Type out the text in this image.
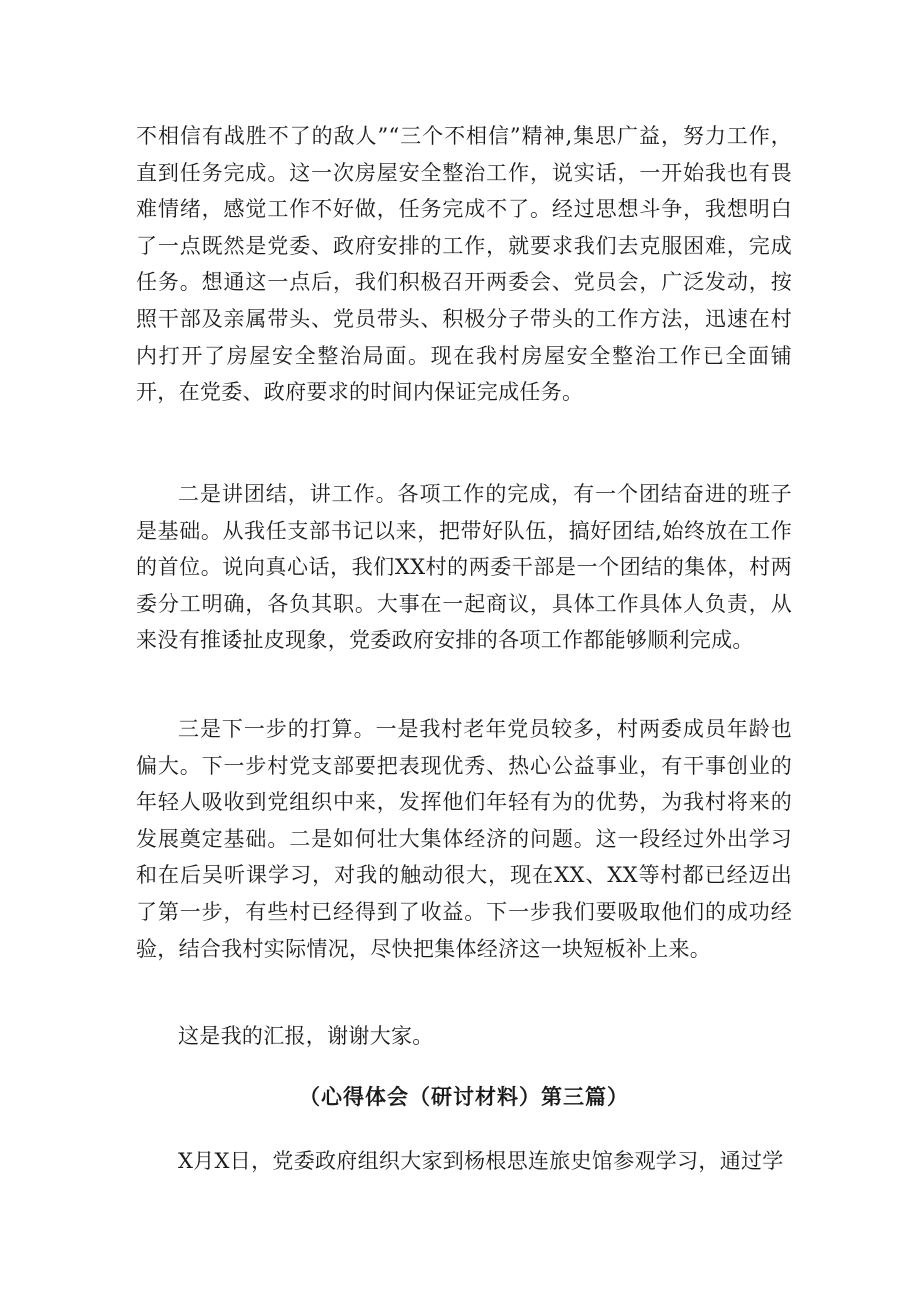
不相信有战胜不了的敌人”“三个不相信”精神,集思广益，努力工作，直到任务完成。这一次房屋安全整治工作，说实话，一开始我也有畏难情绪，感觉工作不好做，任务完成不了。经过思想斗争，我想明白了一点既然是党委、政府安排的工作，就要求我们去克服困难，完成任务。想通这一点后，我们积极召开两委会、党员会，广泛发动，按照干部及亲属带头、党员带头、积极分子带头的工作方法，迅速在村内打开了房屋安全整治局面。现在我村房屋安全整治工作已全面铺开，在党委、政府要求的时间内保证完成任务。

二是讲团结，讲工作。各项工作的完成，有一个团结奋进的班子是基础。从我任支部书记以来，把带好队伍，搞好团结,始终放在工作的首位。说向真心话，我们XX村的两委干部是一个团结的集体，村两委分工明确，各负其职。大事在一起商议，具体工作具体人负责，从来没有推诿扯皮现象，党委政府安排的各项工作都能够顺利完成。

三是下一步的打算。一是我村老年党员较多，村两委成员年龄也偏大。下一步村党支部要把表现优秀、热心公益事业，有干事创业的年轻人吸收到党组织中来，发挥他们年轻有为的优势，为我村将来的发展奠定基础。二是如何壮大集体经济的问题。这一段经过外出学习和在后吴听课学习，对我的触动很大，现在XX、XX等村都已经迈出了第一步，有些村已经得到了收益。下一步我们要吸取他们的成功经验，结合我村实际情况，尽快把集体经济这一块短板补上来。

这是我的汇报，谢谢大家。

（心得体会（研讨材料）第三篇）

X月X日，党委政府组织大家到杨根思连旅史馆参观学习，通过学
